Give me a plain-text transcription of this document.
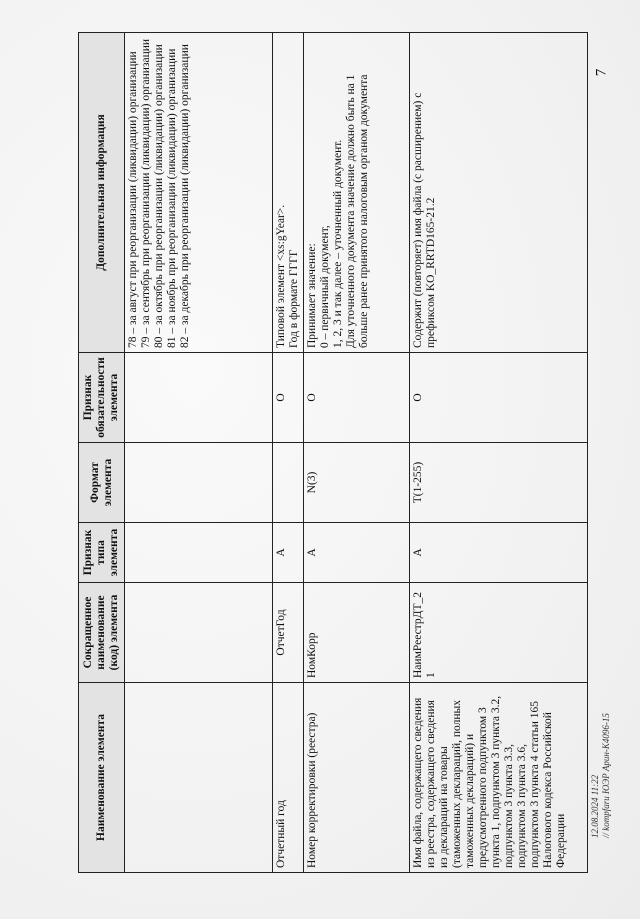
7
12.08.2024 11:22 // kompfaru ЮЭР Арин-К4096-15
Наименование элемента	Сокращенное наименование (код) элемента	Признак типа элемента	Формат элемента	Признак обязательности элемента	Дополнительная информация

					78 – за август при реорганизации (ликвидации) организации 79 – за сентябрь при реорганизации (ликвидации) организации 80 – за октябрь при реорганизации (ликвидации) организации 81 – за ноябрь при реорганизации (ликвидации) организации 82 – за декабрь при реорганизации (ликвидации) организации

Отчетный год	ОтчетГод	А		О	Типовой элемент <xs:gYear>. Год в формате ГГГГ

Номер корректировки (реестра)	НомКорр	А	N(3)	О	Принимает значение: 0 – первичный документ, 1, 2, 3 и так далее – уточненный документ. Для уточненного документа значение должно быть на 1 больше ранее принятого налоговым органом документа

Имя файла, содержащего сведения из реестра, содержащего сведения из деклараций на товары (таможенных деклараций, полных таможенных деклараций) и предусмотренного подпунктом 3 пункта 1, подпунктом 3 пункта 3.2, подпунктом 3 пункта 3.3, подпунктом 3 пункта 3.6, подпунктом 3 пункта 4 статьи 165 Налогового кодекса Российской Федерации	НаимРеестрДТ_21	А	T(1-255)	О	Содержит (повторяет) имя файла (с расширением) с префиксом KO_RRTD165-21.2
